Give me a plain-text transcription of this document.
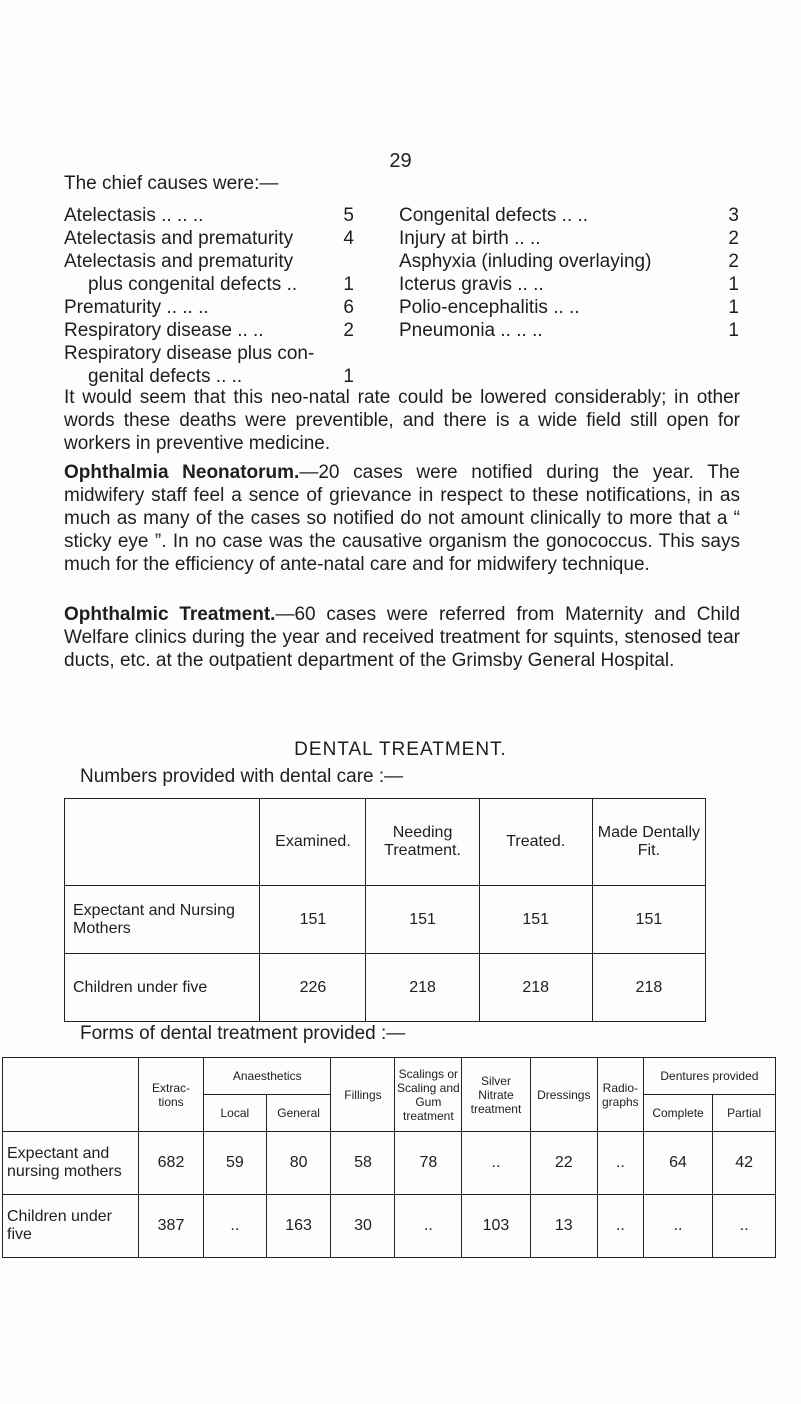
29
The chief causes were:—
Atelectasis .. .. ..	5
Atelectasis and prematurity	4
Atelectasis and prematurity
plus congenital defects ..	1
Prematurity .. .. ..	6
Respiratory disease .. ..	2
Respiratory disease plus con-
genital defects .. ..	1
Congenital defects .. ..	3
Injury at birth .. ..	2
Asphyxia (inluding overlaying)	2
Icterus gravis .. ..	1
Polio-encephalitis .. ..	1
Pneumonia .. .. ..	1

It would seem that this neo-natal rate could be lowered considerably; in other words these deaths were preventible, and there is a wide field still open for workers in preventive medicine.

Ophthalmia Neonatorum.—20 cases were notified during the year. The midwifery staff feel a sence of grievance in respect to these notifications, in as much as many of the cases so notified do not amount clinically to more that a “ sticky eye ”. In no case was the causative organism the gonococcus. This says much for the efficiency of ante-natal care and for midwifery technique.

Ophthalmic Treatment.—60 cases were referred from Maternity and Child Welfare clinics during the year and received treatment for squints, stenosed tear ducts, etc. at the outpatient department of the Grimsby General Hospital.

DENTAL TREATMENT.
Numbers provided with dental care :—
	Examined.	Needing Treatment.	Treated.	Made Dentally Fit.
Expectant and Nursing Mothers	151	151	151	151
Children under five	226	218	218	218
Forms of dental treatment provided :—
	Extrac-tions	Anaesthetics		Fillings	Scalings or Scaling and Gum treatment	Silver Nitrate treatment	Dressings	Radio-graphs	Dentures provided	
		Local	General						Complete	Partial
Expectant and nursing mothers	682	59	80	58	78	..	22	..	64	42
Children under five	387	..	163	30	..	103	13	..	..	..
